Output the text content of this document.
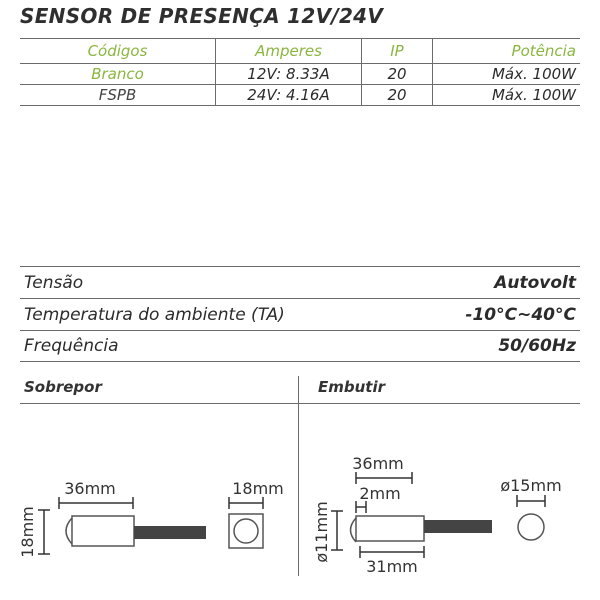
SENSOR DE PRESENÇA 12V/24V
Códigos	Amperes	IP	Potência
Branco	12V: 8.33A	20	Máx. 100W
FSPB	24V: 4.16A	20	Máx. 100W
Tensão	Autovolt
Temperatura do ambiente (TA)	-10°C~40°C
Frequência	50/60Hz
Sobrepor	Embutir
36mm
18mm
18mm
36mm
2mm
ø11mm
31mm
ø15mm
